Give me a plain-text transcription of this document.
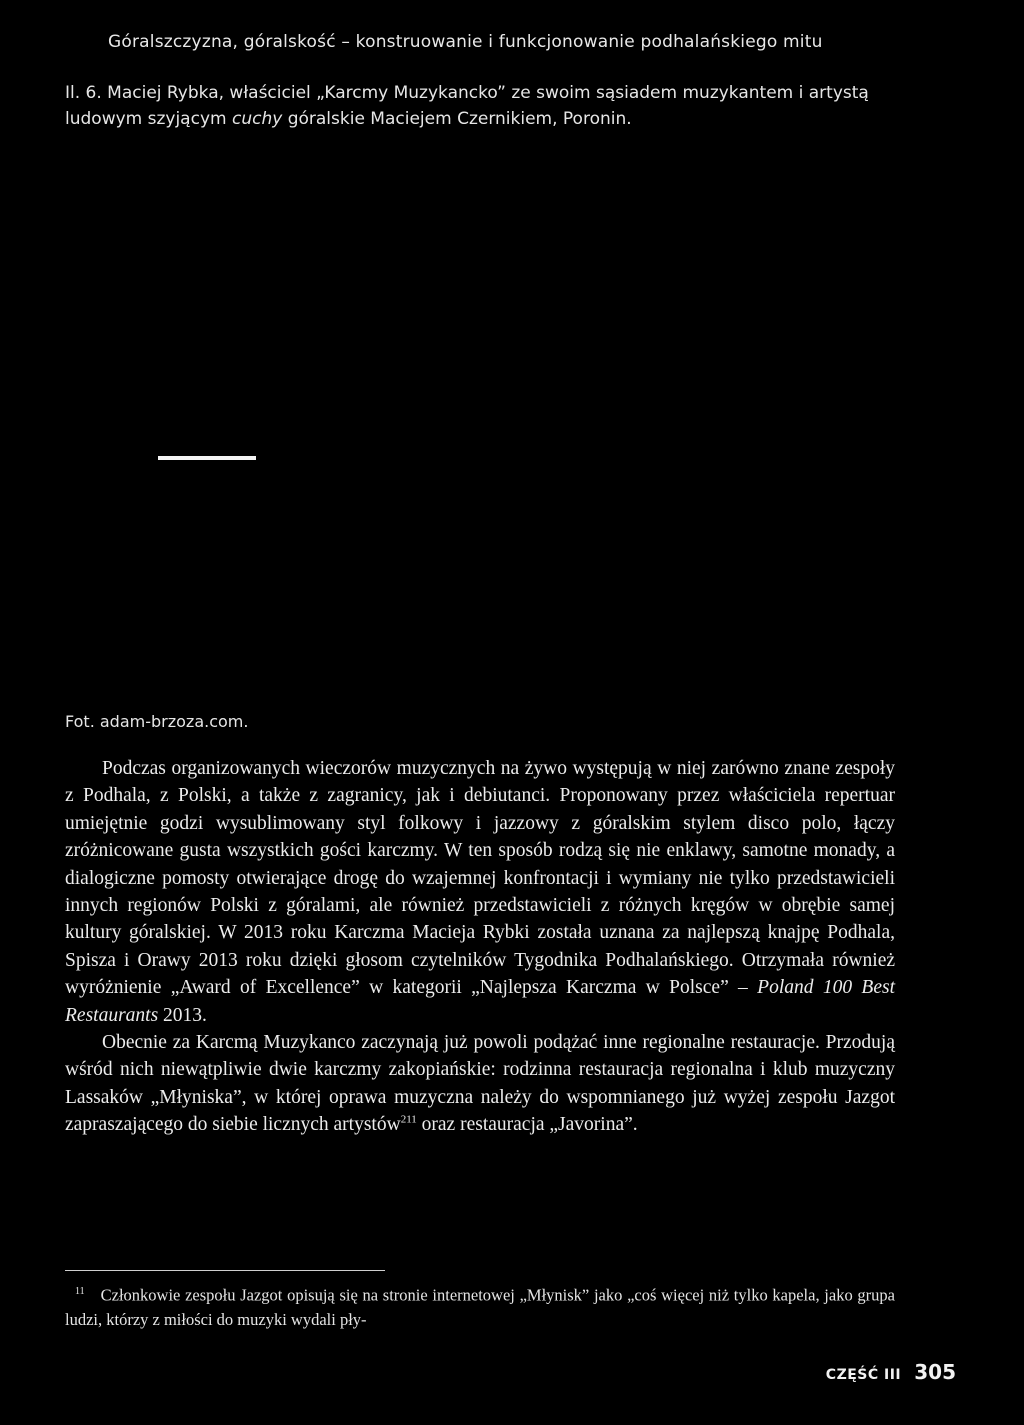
Góralszczyzna, góralskość – konstruowanie i funkcjonowanie podhalańskiego mitu
Il. 6. Maciej Rybka, właściciel „Karcmy Muzykancko” ze swoim sąsiadem muzykantem i artystą ludowym szyjącym cuchy góralskie Maciejem Czernikiem, Poronin.
Fot. adam-brzoza.com.

Podczas organizowanych wieczorów muzycznych na żywo występują w niej zarówno znane zespoły z Podhala, z Polski, a także z zagranicy, jak i debiutanci. Proponowany przez właściciela repertuar umiejętnie godzi wysublimowany styl folkowy i jazzowy z góralskim stylem disco polo, łączy zróżnicowane gusta wszystkich gości karczmy. W ten sposób rodzą się nie enklawy, samotne monady, a dialogiczne pomosty otwierające drogę do wzajemnej konfrontacji i wymiany nie tylko przedstawicieli innych regionów Polski z góralami, ale również przedstawicieli z różnych kręgów w obrębie samej kultury góralskiej. W 2013 roku Karczma Macieja Rybki została uznana za najlepszą knajpę Podhala, Spisza i Orawy 2013 roku dzięki głosom czytelników Tygodnika Podhalańskiego. Otrzymała również wyróżnienie „Award of Excellence” w kategorii „Najlepsza Karczma w Polsce” – Poland 100 Best Restaurants 2013.

Obecnie za Karcmą Muzykanco zaczynają już powoli podążać inne regionalne restauracje. Przodują wśród nich niewątpliwie dwie karczmy zakopiańskie: rodzinna restauracja regionalna i klub muzyczny Lassaków „Młyniska”, w której oprawa muzyczna należy do wspomnianego już wyżej zespołu Jazgot zapraszającego do siebie licznych artystów$^{211}$ oraz restauracja „Javorina”.

$^{11}$ Członkowie zespołu Jazgot opisują się na stronie internetowej „Młynisk” jako „coś więcej niż tylko kapela, jako grupa ludzi, którzy z miłości do muzyki wydali pły-
CZĘŚĆ III 305
